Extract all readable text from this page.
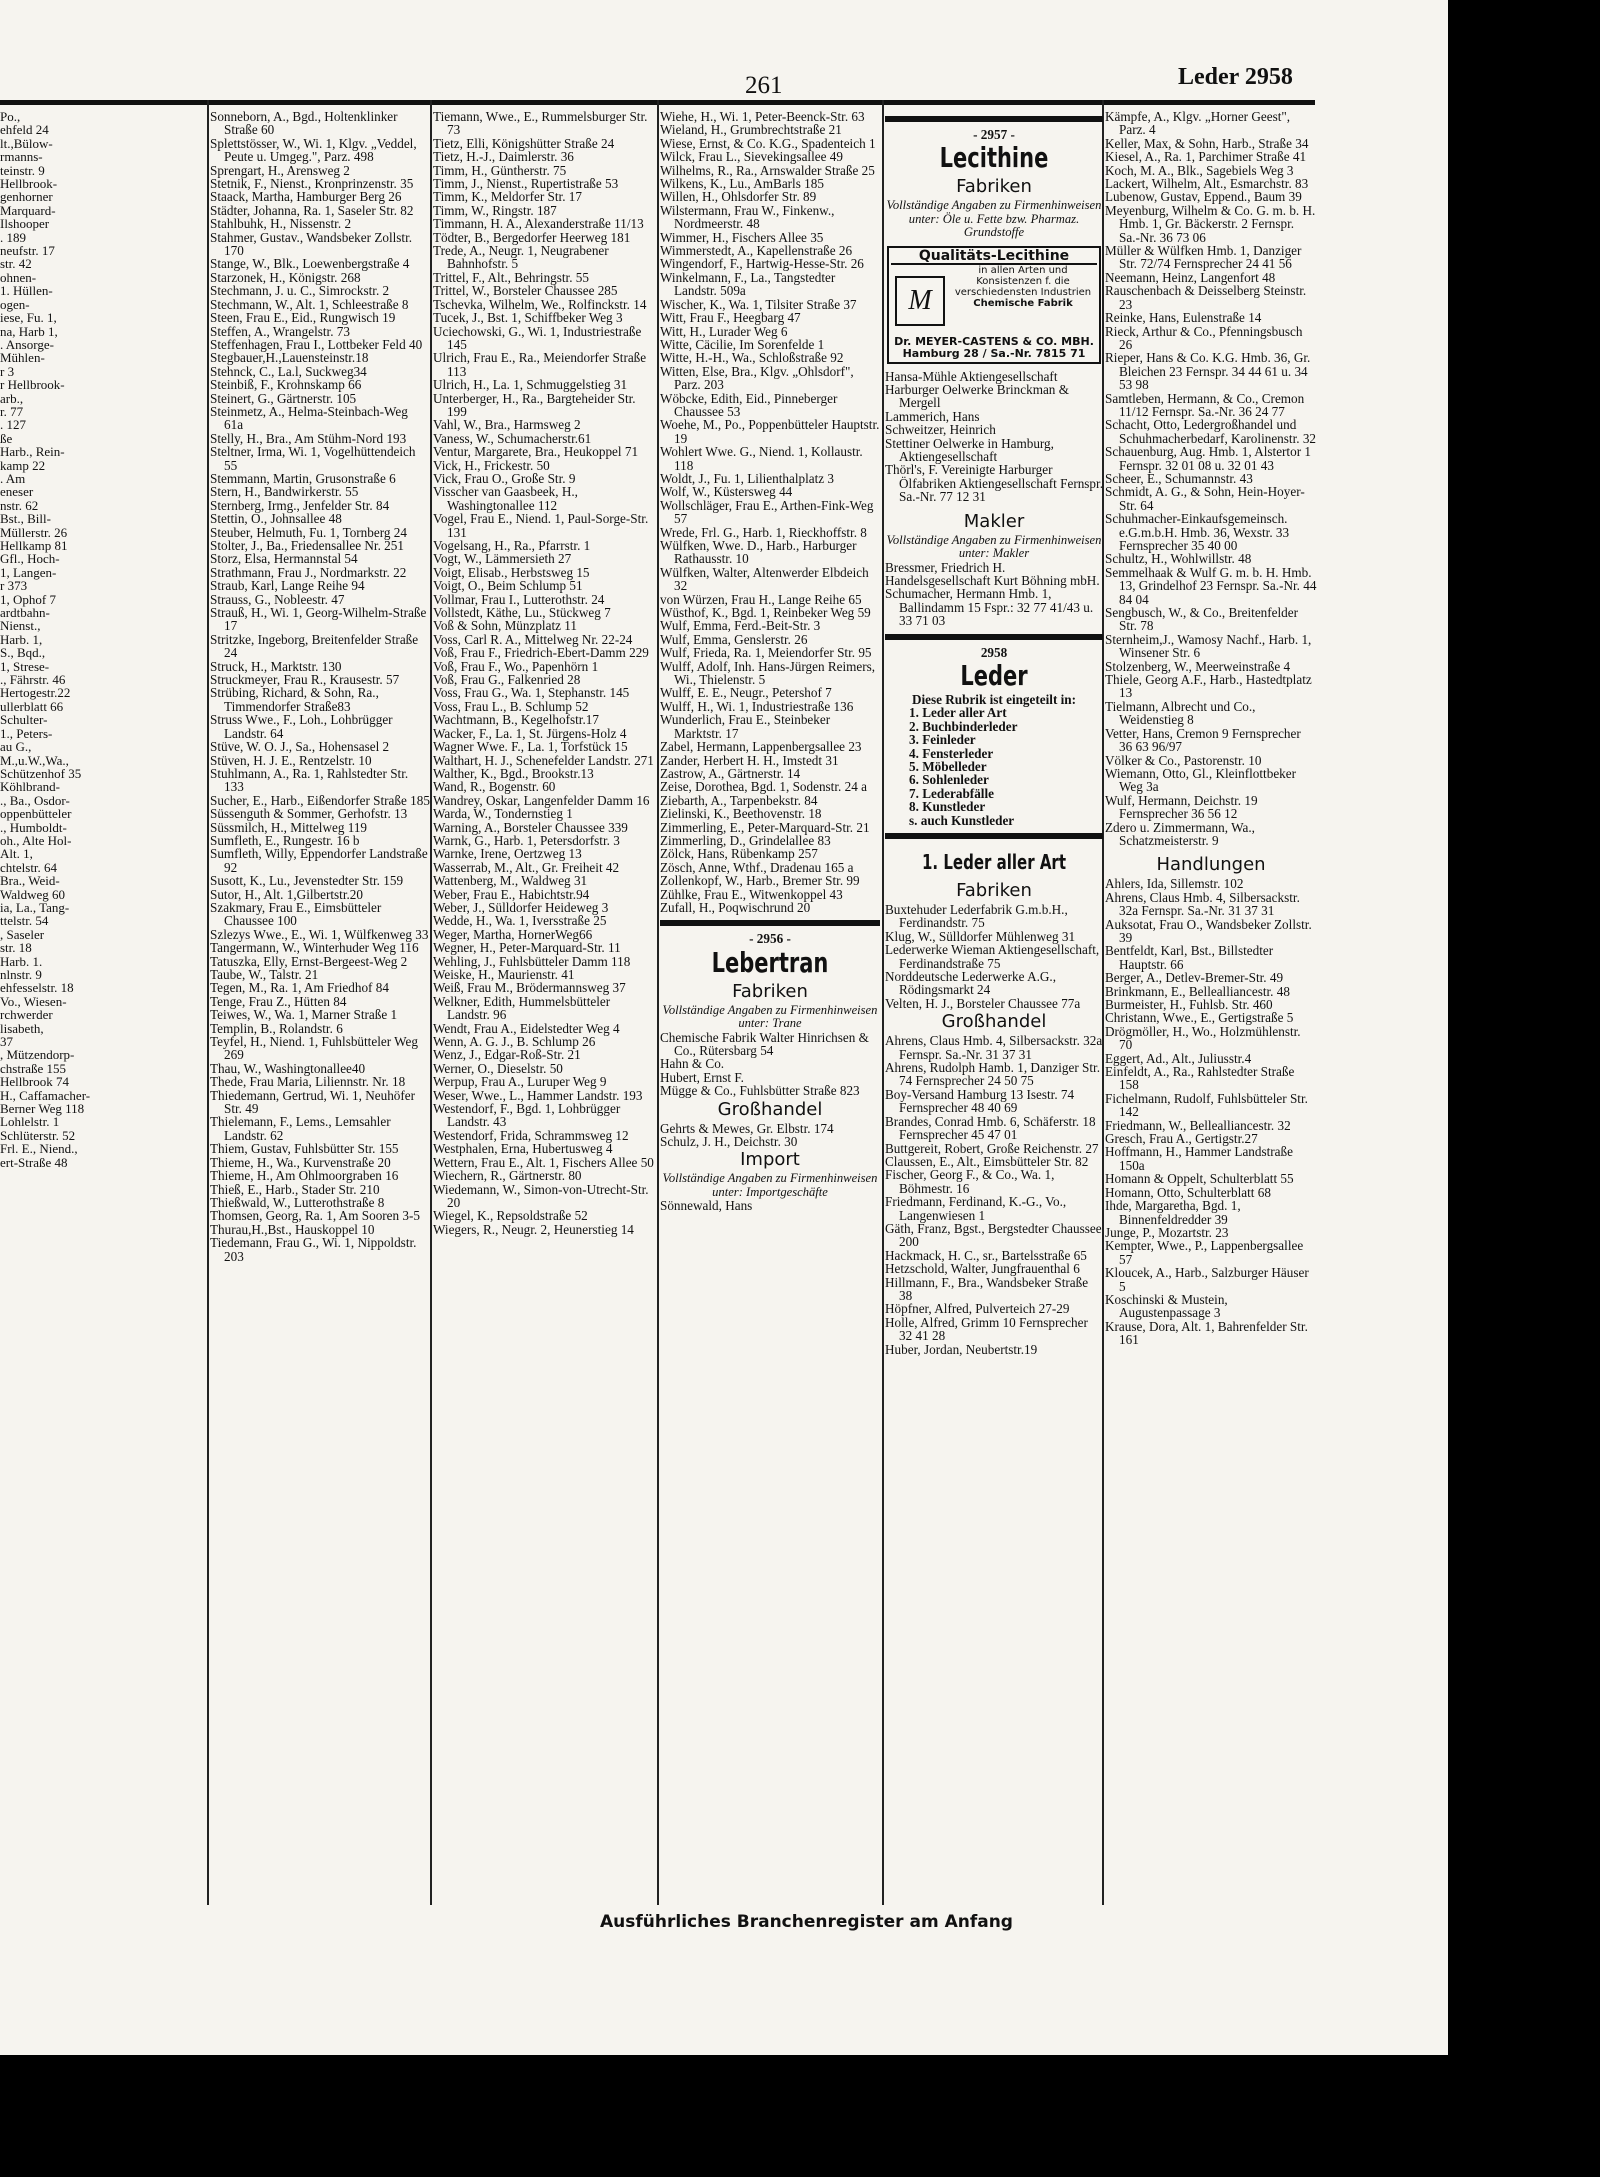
261	Leder 2958
Po.,
ehfeld 24
lt.,Bülow-
rmanns-
teinstr. 9
Hellbrook-
genhorner
Marquard-
Ilshooper
. 189
neufstr. 17
str. 42
ohnen-
1. Hüllen-
ogen-
iese, Fu. 1,
na, Harb 1,
. Ansorge-
Mühlen-
r 3
r Hellbrook-
arb.,
r. 77
. 127
ße
Harb., Rein-
kamp 22
. Am
eneser
nstr. 62
Bst., Bill-
Müllerstr. 26
Hellkamp 81
Gfl., Hoch-
1, Langen-
r 373
1, Ophof 7
ardtbahn-
Nienst.,
Harb. 1,
S., Bqd.,
1, Strese-
., Fährstr. 46
Hertogestr.22
ullerblatt 66
Schulter-
1., Peters-
au G.,
M.,u.W.,Wa.,
Schützenhof 35
Köhlbrand-
., Ba., Osdor-
oppenbütteler
., Humboldt-
oh., Alte Hol-
Alt. 1,
chtelstr. 64
Bra., Weid-
Waldweg 60
ia, La., Tang-
ttelstr. 54
, Saseler
str. 18
Harb. 1.
nlnstr. 9
ehfesselstr. 18
Vo., Wiesen-
rchwerder
lisabeth,
37
, Mützendorp-
chstraße 155
Hellbrook 74
H., Caffamacher-
Berner Weg 118
Lohlelstr. 1
Schlüterstr. 52
Frl. E., Niend.,
ert-Straße 48
Sonneborn, A., Bgd., Holtenklinker Straße 60
Splettstösser, W., Wi. 1, Klgv. „Veddel, Peute u. Umgeg.", Parz. 498
Sprengart, H., Arensweg 2
Stetnik, F., Nienst., Kronprinzenstr. 35
Staack, Martha, Hamburger Berg 26
Städter, Johanna, Ra. 1, Saseler Str. 82
Stahlbuhk, H., Nissenstr. 2
Stahmer, Gustav., Wandsbeker Zollstr. 170
Stange, W., Blk., Loewenbergstraße 4
Starzonek, H., Königstr. 268
Stechmann, J. u. C., Simrockstr. 2
Stechmann, W., Alt. 1, Schleestraße 8
Steen, Frau E., Eid., Rungwisch 19
Steffen, A., Wrangelstr. 73
Steffenhagen, Frau I., Lottbeker Feld 40
Stegbauer,H.,Lauensteinstr.18
Stehnck, C., La.l, Suckweg34
Steinbiß, F., Krohnskamp 66
Steinert, G., Gärtnerstr. 105
Steinmetz, A., Helma-Steinbach-Weg 61a
Stelly, H., Bra., Am Stühm-Nord 193
Steltner, Irma, Wi. 1, Vogelhüttendeich 55
Stemmann, Martin, Grusonstraße 6
Stern, H., Bandwirkerstr. 55
Sternberg, Irmg., Jenfelder Str. 84
Stettin, O., Johnsallee 48
Steuber, Helmuth, Fu. 1, Tornberg 24
Stolter, J., Ba., Friedensallee Nr. 251
Storz, Elsa, Hermannstal 54
Strathmann, Frau J., Nordmarkstr. 22
Straub, Karl, Lange Reihe 94
Strauss, G., Nobleestr. 47
Strauß, H., Wi. 1, Georg-Wilhelm-Straße 17
Stritzke, Ingeborg, Breitenfelder Straße 24
Struck, H., Marktstr. 130
Struckmeyer, Frau R., Krausestr. 57
Strübing, Richard, & Sohn, Ra., Timmendorfer Straße83
Struss Wwe., F., Loh., Lohbrügger Landstr. 64
Stüve, W. O. J., Sa., Hohensasel 2
Stüven, H. J. E., Rentzelstr. 10
Stuhlmann, A., Ra. 1, Rahlstedter Str. 133
Sucher, E., Harb., Eißendorfer Straße 185
Süssenguth & Sommer, Gerhofstr. 13
Süssmilch, H., Mittelweg 119
Sumfleth, E., Rungestr. 16 b
Sumfleth, Willy, Eppendorfer Landstraße 92
Susott, K., Lu., Jevenstedter Str. 159
Sutor, H., Alt. 1,Gilbertstr.20
Szakmary, Frau E., Eimsbütteler Chaussee 100
Szlezys Wwe., E., Wi. 1, Wülfkenweg 33
Tangermann, W., Winterhuder Weg 116
Tatuszka, Elly, Ernst-Bergeest-Weg 2
Taube, W., Talstr. 21
Tegen, M., Ra. 1, Am Friedhof 84
Tenge, Frau Z., Hütten 84
Teiwes, W., Wa. 1, Marner Straße 1
Templin, B., Rolandstr. 6
Teyfel, H., Niend. 1, Fuhlsbütteler Weg 269
Thau, W., Washingtonallee40
Thede, Frau Maria, Liliennstr. Nr. 18
Thiedemann, Gertrud, Wi. 1, Neuhöfer Str. 49
Thielemann, F., Lems., Lemsahler Landstr. 62
Thiem, Gustav, Fuhlsbütter Str. 155
Thieme, H., Wa., Kurvenstraße 20
Thieme, H., Am Ohlmoorgraben 16
Thieß, E., Harb., Stader Str. 210
Thießwald, W., Lutterothstraße 8
Thomsen, Georg, Ra. 1, Am Sooren 3-5
Thurau,H.,Bst., Hauskoppel 10
Tiedemann, Frau G., Wi. 1, Nippoldstr. 203
Tiemann, Wwe., E., Rummelsburger Str. 73
Tietz, Elli, Königshütter Straße 24
Tietz, H.-J., Daimlerstr. 36
Timm, H., Güntherstr. 75
Timm, J., Nienst., Rupertistraße 53
Timm, K., Meldorfer Str. 17
Timm, W., Ringstr. 187
Timmann, H. A., Alexanderstraße 11/13
Tödter, B., Bergedorfer Heerweg 181
Trede, A., Neugr. 1, Neugrabener Bahnhofstr. 5
Trittel, F., Alt., Behringstr. 55
Trittel, W., Borsteler Chaussee 285
Tschevka, Wilhelm, We., Rolfinckstr. 14
Tucek, J., Bst. 1, Schiffbeker Weg 3
Uciechowski, G., Wi. 1, Industriestraße 145
Ulrich, Frau E., Ra., Meiendorfer Straße 113
Ulrich, H., La. 1, Schmuggelstieg 31
Unterberger, H., Ra., Bargteheider Str. 199
Vahl, W., Bra., Harmsweg 2
Vaness, W., Schumacherstr.61
Ventur, Margarete, Bra., Heukoppel 71
Vick, H., Frickestr. 50
Vick, Frau O., Große Str. 9
Visscher van Gaasbeek, H., Washingtonallee 112
Vogel, Frau E., Niend. 1, Paul-Sorge-Str. 131
Vogelsang, H., Ra., Pfarrstr. 1
Vogt, W., Lämmersieth 27
Voigt, Elisab., Herbstsweg 15
Voigt, O., Beim Schlump 51
Vollmar, Frau I., Lutterothstr. 24
Vollstedt, Käthe, Lu., Stückweg 7
Voß & Sohn, Münzplatz 11
Voss, Carl R. A., Mittelweg Nr. 22-24
Voß, Frau F., Friedrich-Ebert-Damm 229
Voß, Frau F., Wo., Papenhörn 1
Voß, Frau G., Falkenried 28
Voss, Frau G., Wa. 1, Stephanstr. 145
Voss, Frau L., B. Schlump 52
Wachtmann, B., Kegelhofstr.17
Wacker, F., La. 1, St. Jürgens-Holz 4
Wagner Wwe. F., La. 1, Torfstück 15
Walthart, H. J., Schenefelder Landstr. 271
Walther, K., Bgd., Brookstr.13
Wand, R., Bogenstr. 60
Wandrey, Oskar, Langenfelder Damm 16
Warda, W., Tondernstieg 1
Warning, A., Borsteler Chaussee 339
Warnk, G., Harb. 1, Petersdorfstr. 3
Warnke, Irene, Oertzweg 13
Wasserrab, M., Alt., Gr. Freiheit 42
Wattenberg, M., Waldweg 31
Weber, Frau E., Habichtstr.94
Weber, J., Sülldorfer Heideweg 3
Wedde, H., Wa. 1, Iversstraße 25
Weger, Martha, HornerWeg66
Wegner, H., Peter-Marquard-Str. 11
Wehling, J., Fuhlsbütteler Damm 118
Weiske, H., Maurienstr. 41
Weiß, Frau M., Brödermannsweg 37
Welkner, Edith, Hummelsbütteler Landstr. 96
Wendt, Frau A., Eidelstedter Weg 4
Wenn, A. G. J., B. Schlump 26
Wenz, J., Edgar-Roß-Str. 21
Werner, O., Dieselstr. 50
Werpup, Frau A., Luruper Weg 9
Weser, Wwe., L., Hammer Landstr. 193
Westendorf, F., Bgd. 1, Lohbrügger Landstr. 43
Westendorf, Frida, Schrammsweg 12
Westphalen, Erna, Hubertusweg 4
Wettern, Frau E., Alt. 1, Fischers Allee 50
Wiechern, R., Gärtnerstr. 80
Wiedemann, W., Simon-von-Utrecht-Str. 20
Wiegel, K., Repsoldstraße 52
Wiegers, R., Neugr. 2, Heunerstieg 14
Wiehe, H., Wi. 1, Peter-Beenck-Str. 63
Wieland, H., Grumbrechtstraße 21
Wiese, Ernst, & Co. K.G., Spadenteich 1
Wilck, Frau L., Sievekingsallee 49
Wilhelms, R., Ra., Arnswalder Straße 25
Wilkens, K., Lu., AmBarls 185
Willen, H., Ohlsdorfer Str. 89
Wilstermann, Frau W., Finkenw., Nordmeerstr. 48
Wimmer, H., Fischers Allee 35
Wimmerstedt, A., Kapellenstraße 26
Wingendorf, F., Hartwig-Hesse-Str. 26
Winkelmann, F., La., Tangstedter Landstr. 509a
Wischer, K., Wa. 1, Tilsiter Straße 37
Witt, Frau F., Heegbarg 47
Witt, H., Lurader Weg 6
Witte, Cäcilie, Im Sorenfelde 1
Witte, H.-H., Wa., Schloßstraße 92
Witten, Else, Bra., Klgv. „Ohlsdorf", Parz. 203
Wöbcke, Edith, Eid., Pinneberger Chaussee 53
Woehe, M., Po., Poppenbütteler Hauptstr. 19
Wohlert Wwe. G., Niend. 1, Kollaustr. 118
Woldt, J., Fu. 1, Lilienthalplatz 3
Wolf, W., Küstersweg 44
Wollschläger, Frau E., Arthen-Fink-Weg 57
Wrede, Frl. G., Harb. 1, Rieckhoffstr. 8
Wülfken, Wwe. D., Harb., Harburger Rathausstr. 10
Wülfken, Walter, Altenwerder Elbdeich 32
von Würzen, Frau H., Lange Reihe 65
Wüsthof, K., Bgd. 1, Reinbeker Weg 59
Wulf, Emma, Ferd.-Beit-Str. 3
Wulf, Emma, Genslerstr. 26
Wulf, Frieda, Ra. 1, Meiendorfer Str. 95
Wulff, Adolf, Inh. Hans-Jürgen Reimers, Wi., Thielenstr. 5
Wulff, E. E., Neugr., Petershof 7
Wulff, H., Wi. 1, Industriestraße 136
Wunderlich, Frau E., Steinbeker Marktstr. 17
Zabel, Hermann, Lappenbergsallee 23
Zander, Herbert H. H., Imstedt 31
Zastrow, A., Gärtnerstr. 14
Zeise, Dorothea, Bgd. 1, Sodenstr. 24 a
Ziebarth, A., Tarpenbekstr. 84
Zielinski, K., Beethovenstr. 18
Zimmerling, E., Peter-Marquard-Str. 21
Zimmerling, D., Grindelallee 83
Zölck, Hans, Rübenkamp 257
Zösch, Anne, Wthf., Dradenau 165 a
Zollenkopf, W., Harb., Bremer Str. 99
Zühlke, Frau E., Witwenkoppel 43
Zufall, H., Poqwischrund 20
- 2956 -
Lebertran
Fabriken
Vollständige Angaben zu Firmenhinweisen unter: Trane
Chemische Fabrik Walter Hinrichsen & Co., Rütersbarg 54
Hahn & Co.
Hubert, Ernst F.
Mügge & Co., Fuhlsbütter Straße 823
Großhandel
Gehrts & Mewes, Gr. Elbstr. 174
Schulz, J. H., Deichstr. 30
Import
Vollständige Angaben zu Firmenhinweisen unter: Importgeschäfte
Sönnewald, Hans
- 2957 -
Lecithine
Fabriken
Vollständige Angaben zu Firmenhinweisen unter: Öle u. Fette bzw. Pharmaz. Grundstoffe
Qualitäts-Lecithine
M
in allen Arten und Konsistenzen f. die verschiedensten Industrien
Chemische Fabrik
Dr. MEYER-CASTENS & CO. MBH.
Hamburg 28 / Sa.-Nr. 7815 71
Hansa-Mühle Aktiengesellschaft
Harburger Oelwerke Brinckman & Mergell
Lammerich, Hans
Schweitzer, Heinrich
Stettiner Oelwerke in Hamburg, Aktiengesellschaft
Thörl's, F. Vereinigte Harburger Ölfabriken Aktiengesellschaft Fernspr. Sa.-Nr. 77 12 31
Makler
Vollständige Angaben zu Firmenhinweisen unter: Makler
Bressmer, Friedrich H.
Handelsgesellschaft Kurt Böhning mbH.
Schumacher, Hermann Hmb. 1, Ballindamm 15 Fspr.: 32 77 41/43 u. 33 71 03
2958
Leder
Diese Rubrik ist eingeteilt in:
1. Leder aller Art
2. Buchbinderleder
3. Feinleder
4. Fensterleder
5. Möbelleder
6. Sohlenleder
7. Lederabfälle
8. Kunstleder
s. auch Kunstleder
1. Leder aller Art
Fabriken
Buxtehuder Lederfabrik G.m.b.H., Ferdinandstr. 75
Klug, W., Sülldorfer Mühlenweg 31
Lederwerke Wieman Aktiengesellschaft, Ferdinandstraße 75
Norddeutsche Lederwerke A.G., Rödingsmarkt 24
Velten, H. J., Borsteler Chaussee 77a
Großhandel
Ahrens, Claus Hmb. 4, Silbersackstr. 32a Fernspr. Sa.-Nr. 31 37 31
Ahrens, Rudolph Hamb. 1, Danziger Str. 74 Fernsprecher 24 50 75
Boy-Versand Hamburg 13 Isestr. 74 Fernsprecher 48 40 69
Brandes, Conrad Hmb. 6, Schäferstr. 18 Fernsprecher 45 47 01
Buttgereit, Robert, Große Reichenstr. 27
Claussen, E., Alt., Eimsbütteler Str. 82
Fischer, Georg F., & Co., Wa. 1, Böhmestr. 16
Friedmann, Ferdinand, K.-G., Vo., Langenwiesen 1
Gäth, Franz, Bgst., Bergstedter Chaussee 200
Hackmack, H. C., sr., Bartelsstraße 65
Hetzschold, Walter, Jungfrauenthal 6
Hillmann, F., Bra., Wandsbeker Straße 38
Höpfner, Alfred, Pulverteich 27-29
Holle, Alfred, Grimm 10 Fernsprecher 32 41 28
Huber, Jordan, Neubertstr.19
Kämpfe, A., Klgv. „Horner Geest", Parz. 4
Keller, Max, & Sohn, Harb., Straße 34
Kiesel, A., Ra. 1, Parchimer Straße 41
Koch, M. A., Blk., Sagebiels Weg 3
Lackert, Wilhelm, Alt., Esmarchstr. 83
Lubenow, Gustav, Eppend., Baum 39
Meyenburg, Wilhelm & Co. G. m. b. H. Hmb. 1, Gr. Bäckerstr. 2 Fernspr. Sa.-Nr. 36 73 06
Müller & Wülfken Hmb. 1, Danziger Str. 72/74 Fernsprecher 24 41 56
Neemann, Heinz, Langenfort 48
Rauschenbach & Deisselberg Steinstr. 23
Reinke, Hans, Eulenstraße 14
Rieck, Arthur & Co., Pfenningsbusch 26
Rieper, Hans & Co. K.G. Hmb. 36, Gr. Bleichen 23 Fernspr. 34 44 61 u. 34 53 98
Samtleben, Hermann, & Co., Cremon 11/12 Fernspr. Sa.-Nr. 36 24 77
Schacht, Otto, Ledergroßhandel und Schuhmacherbedarf, Karolinenstr. 32
Schauenburg, Aug. Hmb. 1, Alstertor 1 Fernspr. 32 01 08 u. 32 01 43
Scheer, E., Schumannstr. 43
Schmidt, A. G., & Sohn, Hein-Hoyer-Str. 64
Schuhmacher-Einkaufsgemeinsch. e.G.m.b.H. Hmb. 36, Wexstr. 33 Fernsprecher 35 40 00
Schultz, H., Wohlwillstr. 48
Semmelhaak & Wulf G. m. b. H. Hmb. 13, Grindelhof 23 Fernspr. Sa.-Nr. 44 84 04
Sengbusch, W., & Co., Breitenfelder Str. 78
Sternheim,J., Wamosy Nachf., Harb. 1, Winsener Str. 6
Stolzenberg, W., Meerweinstraße 4
Thiele, Georg A.F., Harb., Hastedtplatz 13
Tielmann, Albrecht und Co., Weidenstieg 8
Vetter, Hans, Cremon 9 Fernsprecher 36 63 96/97
Völker & Co., Pastorenstr. 10
Wiemann, Otto, Gl., Kleinflottbeker Weg 3a
Wulf, Hermann, Deichstr. 19 Fernsprecher 36 56 12
Zdero u. Zimmermann, Wa., Schatzmeisterstr. 9
Handlungen
Ahlers, Ida, Sillemstr. 102
Ahrens, Claus Hmb. 4, Silbersackstr. 32a Fernspr. Sa.-Nr. 31 37 31
Auksotat, Frau O., Wandsbeker Zollstr. 39
Bentfeldt, Karl, Bst., Billstedter Hauptstr. 66
Berger, A., Detlev-Bremer-Str. 49
Brinkmann, E., Bellealliancestr. 48
Burmeister, H., Fuhlsb. Str. 460
Christann, Wwe., E., Gertigstraße 5
Drögmöller, H., Wo., Holzmühlenstr. 70
Eggert, Ad., Alt., Juliusstr.4
Einfeldt, A., Ra., Rahlstedter Straße 158
Fichelmann, Rudolf, Fuhlsbütteler Str. 142
Friedmann, W., Bellealliancestr. 32
Gresch, Frau A., Gertigstr.27
Hoffmann, H., Hammer Landstraße 150a
Homann & Oppelt, Schulterblatt 55
Homann, Otto, Schulterblatt 68
Ihde, Margaretha, Bgd. 1, Binnenfeldredder 39
Junge, P., Mozartstr. 23
Kempter, Wwe., P., Lappenbergsallee 57
Kloucek, A., Harb., Salzburger Häuser 5
Koschinski & Mustein, Augustenpassage 3
Krause, Dora, Alt. 1, Bahrenfelder Str. 161
Ausführliches Branchenregister am Anfang
